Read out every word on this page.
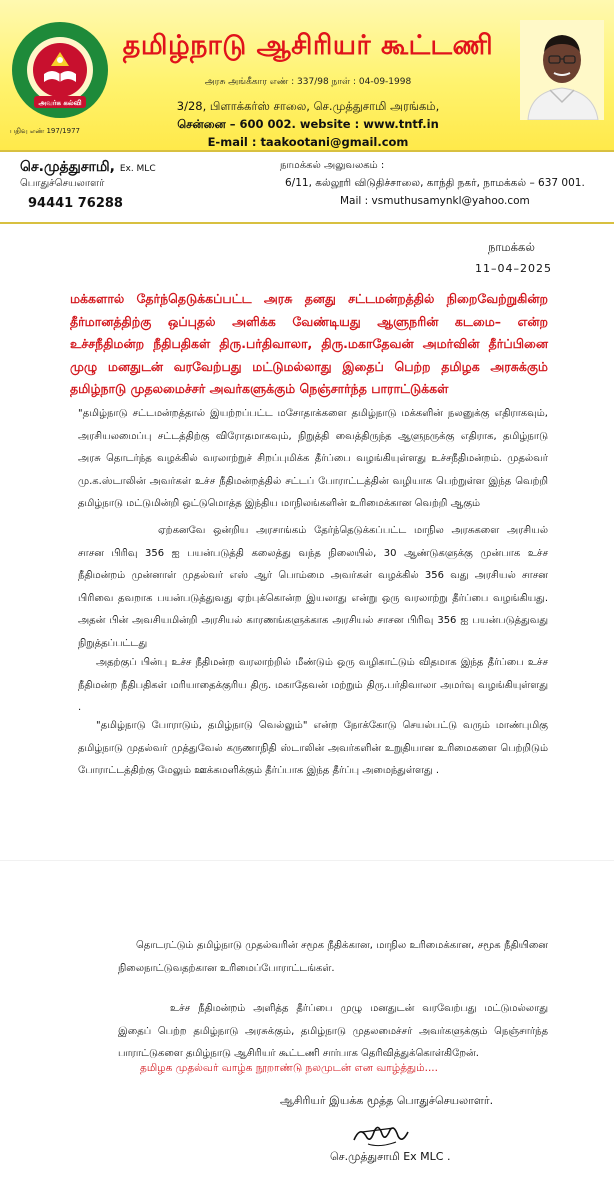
அவர்க கல்வி
பதிவு எண் 197/1977
தமிழ்நாடு ஆசிரியர் கூட்டணி
அரசு அங்கீகார எண் : 337/98 நாள் : 04-09-1998
3/28, பிளாக்கர்ஸ் சாலை, செ.முத்துசாமி அரங்கம்,
சென்னை – 600 002. website : www.tntf.in
E-mail : taakootani@gmail.com
செ.முத்துசாமி, Ex. MLC
பொதுச்செயலாளர்
94441 76288
நாமக்கல் அலுவலகம் :
6/11, கல்லூரி விடுதிச்சாலை, காந்தி நகர், நாமக்கல் – 637 001.
Mail : vsmuthusamynkl@yahoo.com
நாமக்கல்
11–04–2025
மக்களால் தேர்ந்தெடுக்கப்பட்ட அரசு தனது சட்டமன்றத்தில் நிறைவேற்றுகின்ற தீர்மானத்திற்கு ஒப்புதல் அளிக்க வேண்டியது ஆளுநரின் கடமை– என்ற உச்சநீதிமன்ற நீதிபதிகள் திரு.பர்திவாலா, திரு.மகாதேவன் அமர்வின் தீர்ப்பினை முழு மனதுடன் வரவேற்பது மட்டுமல்லாது இதைப் பெற்ற தமிழக அரசுக்கும் தமிழ்நாடு முதலமைச்சர் அவர்களுக்கும் நெஞ்சார்ந்த பாராட்டுக்கள்
"தமிழ்நாடு சட்டமன்றத்தால் இயற்றப்பட்ட மசோதாக்களை தமிழ்நாடு மக்களின் நலனுக்கு எதிராகவும், அரசியலமைப்பு சட்டத்திற்கு விரோதமாகவும், நிறுத்தி வைத்திருந்த ஆளுநருக்கு எதிராக, தமிழ்நாடு அரசு தொடர்ந்த வழக்கில் வரலாற்றுச் சிறப்புமிக்க தீர்ப்பை வழங்கியுள்ளது உச்சநீதிமன்றம். முதல்வர் மு.க.ஸ்டாலின் அவர்கள் உச்ச நீதிமன்றத்தில் சட்டப் போராட்டத்தின் வழியாக பெற்றுள்ள இந்த வெற்றி தமிழ்நாடு மட்டுமின்றி ஒட்டுமொத்த இந்திய மாநிலங்களின் உரிமைக்கான வெற்றி ஆகும்
ஏற்கனவே ஒன்றிய அரசாங்கம் தேர்ந்தெடுக்கப்பட்ட மாநில அரசுகளை அரசியல் சாசன பிரிவு 356 ஐ பயன்படுத்தி கலைத்து வந்த நிலையில், 30 ஆண்டுகளுக்கு முன்பாக உச்ச நீதிமன்றம் முன்னாள் முதல்வர் எஸ் ஆர் பொம்மை அவர்கள் வழக்கில் 356 வது அரசியல் சாசன பிரிவை தவறாக பயன்படுத்துவது ஏற்புக்கொன்ற இயலாது என்று ஒரு வரலாற்று தீர்ப்பை வழங்கியது. அதன் பின் அவசியமின்றி அரசியல் காரணங்களுக்காக அரசியல் சாசன பிரிவு 356 ஐ பயன்படுத்துவது நிறுத்தப்பட்டது
அதற்குப் பின்பு உச்ச நீதிமன்ற வரலாற்றில் மீண்டும் ஒரு வழிகாட்டும் விதமாக இந்த தீர்ப்பை உச்ச நீதிமன்ற நீதிபதிகள் மரியாதைக்குரிய திரு. மகாதேவன் மற்றும் திரு.பர்திவாலா அமர்வு வழங்கியுள்ளது .
"தமிழ்நாடு போராடும், தமிழ்நாடு வெல்லும்" என்ற நோக்கோடு செயல்பட்டு வரும் மாண்புமிகு தமிழ்நாடு முதல்வர் முத்துவேல் கருணாநிதி ஸ்டாலின் அவர்களின் உறுதியான உரிமைகளை பெற்றிடும் போராட்டத்திற்கு மேலும் ஊக்கமளிக்கும் தீர்ப்பாக இந்த தீர்ப்பு அமைந்துள்ளது .
தொடரட்டும் தமிழ்நாடு முதல்வரின் சமூக நீதிக்கான, மாநில உரிமைக்கான, சமூக நீதியினை நிலைநாட்டுவதற்கான உரிமைப்போராட்டங்கள்.
உச்ச நீதிமன்றம் அளித்த தீர்ப்பை முழு மனதுடன் வரவேற்பது மட்டுமல்லாது இதைப் பெற்ற தமிழ்நாடு அரசுக்கும், தமிழ்நாடு முதலமைச்சர் அவர்களுக்கும் நெஞ்சார்ந்த பாராட்டுகளை தமிழ்நாடு ஆசிரியர் கூட்டணி சார்பாக தெரிவித்துக்கொள்கிறேன்.
தமிழக முதல்வர் வாழ்க நூறாண்டு நலமுடன் என வாழ்த்தும்....
ஆசிரியர் இயக்க மூத்த பொதுச்செயலாளர்.
செ.முத்துசாமி Ex MLC .
